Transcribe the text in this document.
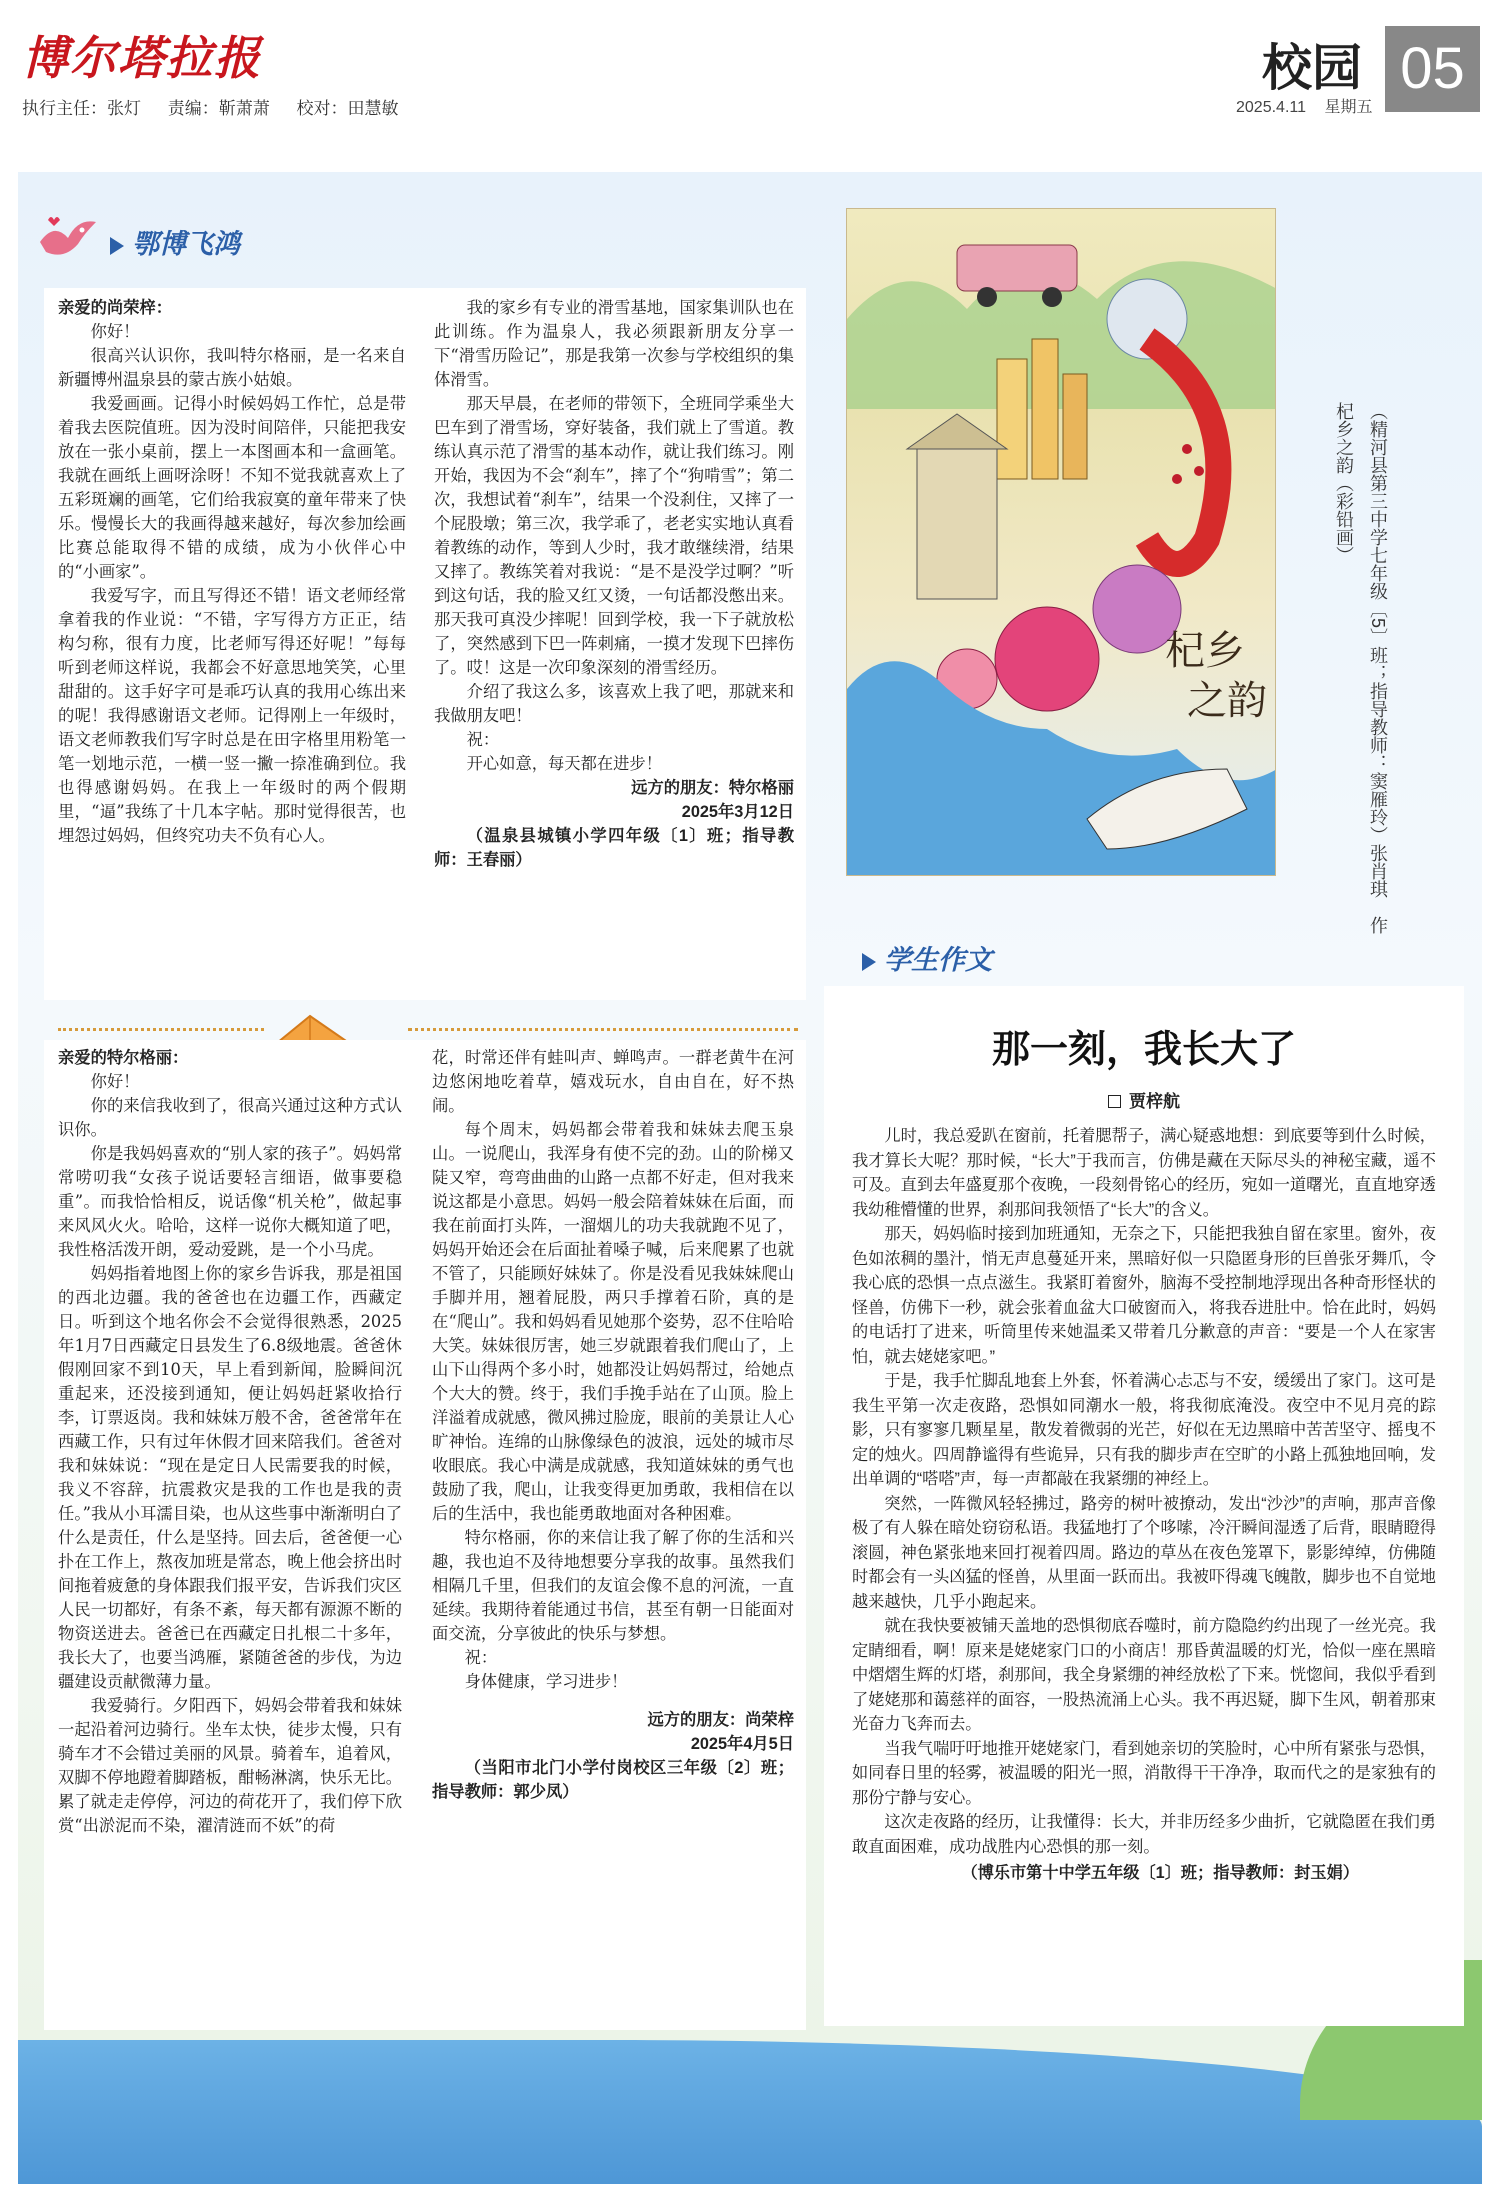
博尔塔拉报
执行主任：张灯 责编：靳萧萧 校对：田慧敏
校园 05
2025.4.11 星期五
鄂博飞鸿

亲爱的尚荣梓：

你好！

很高兴认识你，我叫特尔格丽，是一名来自新疆博州温泉县的蒙古族小姑娘。

我爱画画。记得小时候妈妈工作忙，总是带着我去医院值班。因为没时间陪伴，只能把我安放在一张小桌前，摆上一本图画本和一盒画笔。我就在画纸上画呀涂呀！不知不觉我就喜欢上了五彩斑斓的画笔，它们给我寂寞的童年带来了快乐。慢慢长大的我画得越来越好，每次参加绘画比赛总能取得不错的成绩，成为小伙伴心中的“小画家”。

我爱写字，而且写得还不错！语文老师经常拿着我的作业说：“不错，字写得方方正正，结构匀称，很有力度，比老师写得还好呢！”每每听到老师这样说，我都会不好意思地笑笑，心里甜甜的。这手好字可是乖巧认真的我用心练出来的呢！我得感谢语文老师。记得刚上一年级时，语文老师教我们写字时总是在田字格里用粉笔一笔一划地示范，一横一竖一撇一捺准确到位。我也得感谢妈妈。在我上一年级时的两个假期里，“逼”我练了十几本字帖。那时觉得很苦，也埋怨过妈妈，但终究功夫不负有心人。

我的家乡有专业的滑雪基地，国家集训队也在此训练。作为温泉人，我必须跟新朋友分享一下“滑雪历险记”，那是我第一次参与学校组织的集体滑雪。

那天早晨，在老师的带领下，全班同学乘坐大巴车到了滑雪场，穿好装备，我们就上了雪道。教练认真示范了滑雪的基本动作，就让我们练习。刚开始，我因为不会“刹车”，摔了个“狗啃雪”；第二次，我想试着“刹车”，结果一个没刹住，又摔了一个屁股墩；第三次，我学乖了，老老实实地认真看着教练的动作，等到人少时，我才敢继续滑，结果又摔了。教练笑着对我说：“是不是没学过啊？”听到这句话，我的脸又红又烫，一句话都没憋出来。那天我可真没少摔呢！回到学校，我一下子就放松了，突然感到下巴一阵刺痛，一摸才发现下巴摔伤了。哎！这是一次印象深刻的滑雪经历。

介绍了我这么多，该喜欢上我了吧，那就来和我做朋友吧！

祝：

开心如意，每天都在进步！

远方的朋友：特尔格丽

2025年3月12日

（温泉县城镇小学四年级〔1〕班；指导教师：王春丽）

亲爱的特尔格丽：

你好！

你的来信我收到了，很高兴通过这种方式认识你。

你是我妈妈喜欢的“别人家的孩子”。妈妈常常唠叨我“女孩子说话要轻言细语，做事要稳重”。而我恰恰相反，说话像“机关枪”，做起事来风风火火。哈哈，这样一说你大概知道了吧，我性格活泼开朗，爱动爱跳，是一个小马虎。

妈妈指着地图上你的家乡告诉我，那是祖国的西北边疆。我的爸爸也在边疆工作，西藏定日。听到这个地名你会不会觉得很熟悉，2025年1月7日西藏定日县发生了6.8级地震。爸爸休假刚回家不到10天，早上看到新闻，脸瞬间沉重起来，还没接到通知，便让妈妈赶紧收拾行李，订票返岗。我和妹妹万般不舍，爸爸常年在西藏工作，只有过年休假才回来陪我们。爸爸对我和妹妹说：“现在是定日人民需要我的时候，我义不容辞，抗震救灾是我的工作也是我的责任。”我从小耳濡目染，也从这些事中渐渐明白了什么是责任，什么是坚持。回去后，爸爸便一心扑在工作上，熬夜加班是常态，晚上他会挤出时间拖着疲惫的身体跟我们报平安，告诉我们灾区人民一切都好，有条不紊，每天都有源源不断的物资送进去。爸爸已在西藏定日扎根二十多年，我长大了，也要当鸿雁，紧随爸爸的步伐，为边疆建设贡献微薄力量。

我爱骑行。夕阳西下，妈妈会带着我和妹妹一起沿着河边骑行。坐车太快，徒步太慢，只有骑车才不会错过美丽的风景。骑着车，追着风，双脚不停地蹬着脚踏板，酣畅淋漓，快乐无比。累了就走走停停，河边的荷花开了，我们停下欣赏“出淤泥而不染，濯清涟而不妖”的荷

花，时常还伴有蛙叫声、蝉鸣声。一群老黄牛在河边悠闲地吃着草，嬉戏玩水，自由自在，好不热闹。

每个周末，妈妈都会带着我和妹妹去爬玉泉山。一说爬山，我浑身有使不完的劲。山的阶梯又陡又窄，弯弯曲曲的山路一点都不好走，但对我来说这都是小意思。妈妈一般会陪着妹妹在后面，而我在前面打头阵，一溜烟儿的功夫我就跑不见了，妈妈开始还会在后面扯着嗓子喊，后来爬累了也就不管了，只能顾好妹妹了。你是没看见我妹妹爬山手脚并用，翘着屁股，两只手撑着石阶，真的是在“爬山”。我和妈妈看见她那个姿势，忍不住哈哈大笑。妹妹很厉害，她三岁就跟着我们爬山了，上山下山得两个多小时，她都没让妈妈帮过，给她点个大大的赞。终于，我们手挽手站在了山顶。脸上洋溢着成就感，微风拂过脸庞，眼前的美景让人心旷神怡。连绵的山脉像绿色的波浪，远处的城市尽收眼底。我心中满是成就感，我知道妹妹的勇气也鼓励了我，爬山，让我变得更加勇敢，我相信在以后的生活中，我也能勇敢地面对各种困难。

特尔格丽，你的来信让我了解了你的生活和兴趣，我也迫不及待地想要分享我的故事。虽然我们相隔几千里，但我们的友谊会像不息的河流，一直延续。我期待着能通过书信，甚至有朝一日能面对面交流，分享彼此的快乐与梦想。

祝：

身体健康，学习进步！

远方的朋友：尚荣梓

2025年4月5日

（当阳市北门小学付岗校区三年级〔2〕班；指导教师：郭少凤）

杞乡
之韵	（精河县第三中学七年级〔5〕班；指导教师：窦雁玲）张肖琪　作
杞乡之韵（彩铅画）
学生作文
那一刻，我长大了
贾梓航

儿时，我总爱趴在窗前，托着腮帮子，满心疑惑地想：到底要等到什么时候，我才算长大呢？那时候，“长大”于我而言，仿佛是藏在天际尽头的神秘宝藏，遥不可及。直到去年盛夏那个夜晚，一段刻骨铭心的经历，宛如一道曙光，直直地穿透我幼稚懵懂的世界，刹那间我领悟了“长大”的含义。

那天，妈妈临时接到加班通知，无奈之下，只能把我独自留在家里。窗外，夜色如浓稠的墨汁，悄无声息蔓延开来，黑暗好似一只隐匿身形的巨兽张牙舞爪，令我心底的恐惧一点点滋生。我紧盯着窗外，脑海不受控制地浮现出各种奇形怪状的怪兽，仿佛下一秒，就会张着血盆大口破窗而入，将我吞进肚中。恰在此时，妈妈的电话打了进来，听筒里传来她温柔又带着几分歉意的声音：“要是一个人在家害怕，就去姥姥家吧。”

于是，我手忙脚乱地套上外套，怀着满心忐忑与不安，缓缓出了家门。这可是我生平第一次走夜路，恐惧如同潮水一般，将我彻底淹没。夜空中不见月亮的踪影，只有寥寥几颗星星，散发着微弱的光芒，好似在无边黑暗中苦苦坚守、摇曳不定的烛火。四周静谧得有些诡异，只有我的脚步声在空旷的小路上孤独地回响，发出单调的“嗒嗒”声，每一声都敲在我紧绷的神经上。

突然，一阵微风轻轻拂过，路旁的树叶被撩动，发出“沙沙”的声响，那声音像极了有人躲在暗处窃窃私语。我猛地打了个哆嗦，冷汗瞬间湿透了后背，眼睛瞪得滚圆，神色紧张地来回打视着四周。路边的草丛在夜色笼罩下，影影绰绰，仿佛随时都会有一头凶猛的怪兽，从里面一跃而出。我被吓得魂飞魄散，脚步也不自觉地越来越快，几乎小跑起来。

就在我快要被铺天盖地的恐惧彻底吞噬时，前方隐隐约约出现了一丝光亮。我定睛细看，啊！原来是姥姥家门口的小商店！那昏黄温暖的灯光，恰似一座在黑暗中熠熠生辉的灯塔，刹那间，我全身紧绷的神经放松了下来。恍惚间，我似乎看到了姥姥那和蔼慈祥的面容，一股热流涌上心头。我不再迟疑，脚下生风，朝着那束光奋力飞奔而去。

当我气喘吁吁地推开姥姥家门，看到她亲切的笑脸时，心中所有紧张与恐惧，如同春日里的轻雾，被温暖的阳光一照，消散得干干净净，取而代之的是家独有的那份宁静与安心。

这次走夜路的经历，让我懂得：长大，并非历经多少曲折，它就隐匿在我们勇敢直面困难，成功战胜内心恐惧的那一刻。

（博乐市第十中学五年级〔1〕班；指导教师：封玉娟）
